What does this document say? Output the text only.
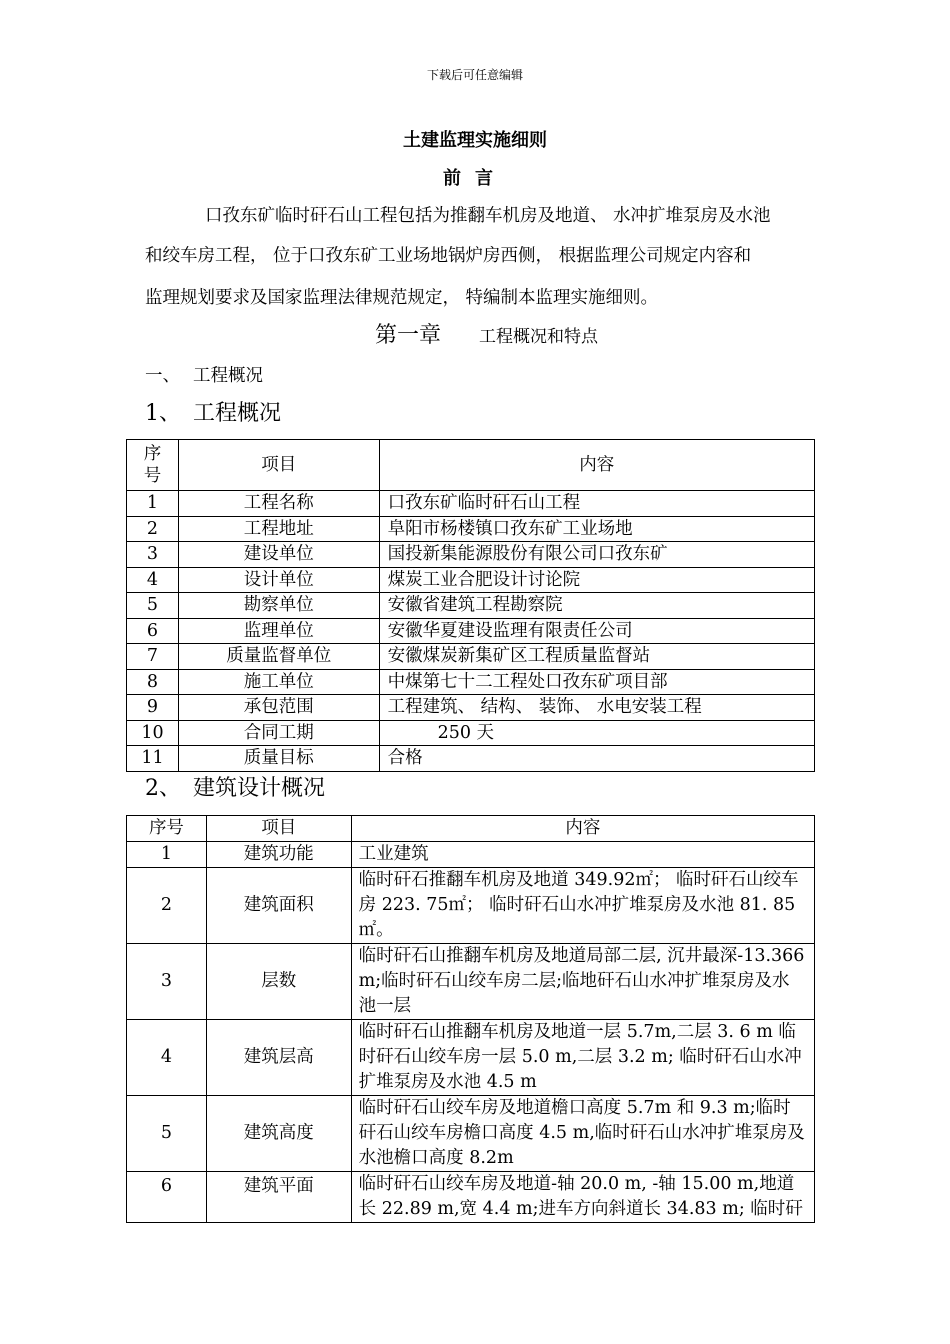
下载后可任意编辑
土建监理实施细则
前言
口孜东矿临时矸石山工程包括为推翻车机房及地道、 水冲扩堆泵房及水池
和绞车房工程， 位于口孜东矿工业场地锅炉房西侧， 根据监理公司规定内容和
监理规划要求及国家监理法律规范规定， 特编制本监理实施细则。
第一章 工程概况和特点
一、 工程概况
1、 工程概况
序号	项目	内容
1	工程名称	口孜东矿临时矸石山工程
2	工程地址	阜阳市杨楼镇口孜东矿工业场地
3	建设单位	国投新集能源股份有限公司口孜东矿
4	设计单位	煤炭工业合肥设计讨论院
5	勘察单位	安徽省建筑工程勘察院
6	监理单位	安徽华夏建设监理有限责任公司
7	质量监督单位	安徽煤炭新集矿区工程质量监督站
8	施工单位	中煤第七十二工程处口孜东矿项目部
9	承包范围	工程建筑、 结构、 装饰、 水电安装工程
10	合同工期	250 天
11	质量目标	合格
2、 建筑设计概况
序号	项目	内容
1	建筑功能	工业建筑
2	建筑面积	临时矸石推翻车机房及地道 349.92㎡； 临时矸石山绞车房 223. 75㎡； 临时矸石山水冲扩堆泵房及水池 81. 85㎡。
3	层数	临时矸石山推翻车机房及地道局部二层, 沉井最深-13.366m;临时矸石山绞车房二层;临地矸石山水冲扩堆泵房及水池一层
4	建筑层高	临时矸石山推翻车机房及地道一层 5.7m,二层 3. 6 m 临时矸石山绞车房一层 5.0 m,二层 3.2 m; 临时矸石山水冲扩堆泵房及水池 4.5 m
5	建筑高度	临时矸石山绞车房及地道檐口高度 5.7m 和 9.3 m;临时矸石山绞车房檐口高度 4.5 m,临时矸石山水冲扩堆泵房及水池檐口高度 8.2m
6	建筑平面	临时矸石山绞车房及地道-轴 20.0 m, -轴 15.00 m,地道长 22.89 m,宽 4.4 m;进车方向斜道长 34.83 m; 临时矸
